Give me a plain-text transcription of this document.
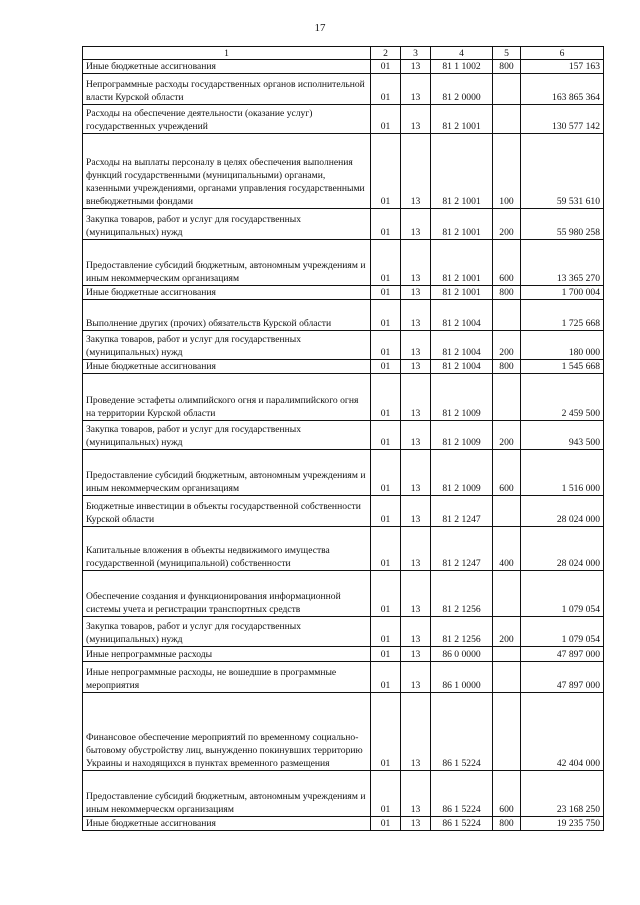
17
1	2	3	4	5	6
Иные бюджетные ассигнования	01	13	81 1 1002	800	157 163
Непрограммные расходы государственных органов исполнительной власти Курской области	01	13	81 2 0000		163 865 364
Расходы на обеспечение деятельности (оказание услуг) государственных учреждений	01	13	81 2 1001		130 577 142
Расходы на выплаты персоналу в целях обеспечения выполнения функций государственными (муниципальными) органами, казенными учреждениями, органами управления государственными внебюджетными фондами	01	13	81 2 1001	100	59 531 610
Закупка товаров, работ и услуг для государственных (муниципальных) нужд	01	13	81 2 1001	200	55 980 258
Предоставление субсидий бюджетным, автономным учреждениям и иным некоммерческим организациям	01	13	81 2 1001	600	13 365 270
Иные бюджетные ассигнования	01	13	81 2 1001	800	1 700 004
Выполнение других (прочих) обязательств Курской области	01	13	81 2 1004		1 725 668
Закупка товаров, работ и услуг для государственных (муниципальных) нужд	01	13	81 2 1004	200	180 000
Иные бюджетные ассигнования	01	13	81 2 1004	800	1 545 668
Проведение эстафеты олимпийского огня и паралимпийского огня на территории Курской области	01	13	81 2 1009		2 459 500
Закупка товаров, работ и услуг для государственных (муниципальных) нужд	01	13	81 2 1009	200	943 500
Предоставление субсидий бюджетным, автономным учреждениям и иным некоммерческим организациям	01	13	81 2 1009	600	1 516 000
Бюджетные инвестиции в объекты государственной собственности Курской области	01	13	81 2 1247		28 024 000
Капитальные вложения в объекты недвижимого имущества государственной (муниципальной) собственности	01	13	81 2 1247	400	28 024 000
Обеспечение создания и функционирования информационной системы учета и регистрации транспортных средств	01	13	81 2 1256		1 079 054
Закупка товаров, работ и услуг для государственных (муниципальных) нужд	01	13	81 2 1256	200	1 079 054
Иные непрограммные расходы	01	13	86 0 0000		47 897 000
Иные непрограммные расходы, не вошедшие в программные мероприятия	01	13	86 1 0000		47 897 000
Финансовое обеспечение мероприятий по временному социально-бытовому обустройству лиц, вынужденно покинувших территорию Украины и находящихся в пунктах временного размещения	01	13	86 1 5224		42 404 000
Предоставление субсидий бюджетным, автономным учреждениям и иным некоммерческм организациям	01	13	86 1 5224	600	23 168 250
Иные бюджетные ассигнования	01	13	86 1 5224	800	19 235 750
